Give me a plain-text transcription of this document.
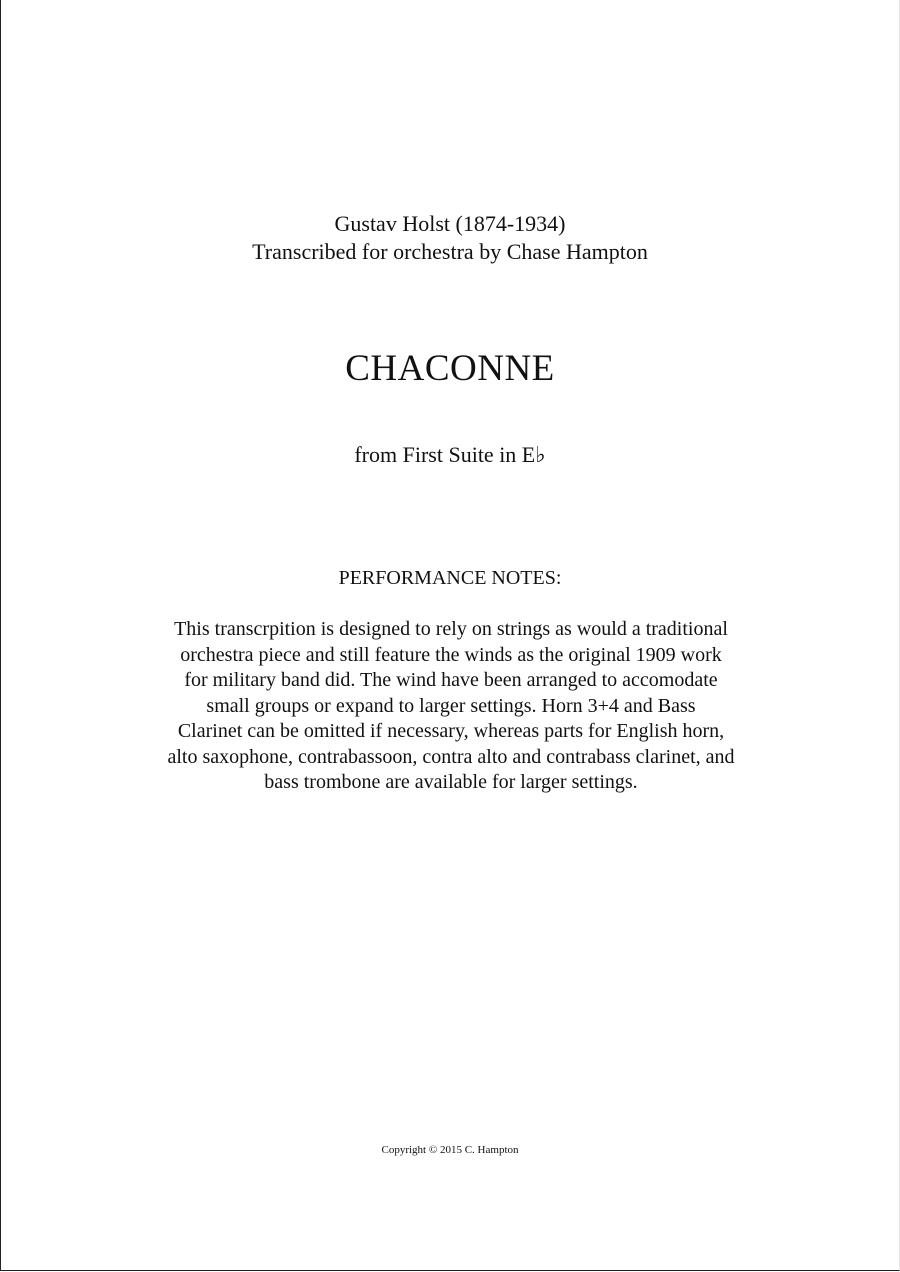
Gustav Holst (1874-1934)
Transcribed for orchestra by Chase Hampton
CHACONNE
from First Suite in E♭
PERFORMANCE NOTES:
This transcrpition is designed to rely on strings as would a traditional
orchestra piece and still feature the winds as the original 1909 work
for military band did. The wind have been arranged to accomodate
small groups or expand to larger settings. Horn 3+4 and Bass
Clarinet can be omitted if necessary, whereas parts for English horn,
alto saxophone, contrabassoon, contra alto and contrabass clarinet, and
bass trombone are available for larger settings.
Copyright © 2015 C. Hampton
